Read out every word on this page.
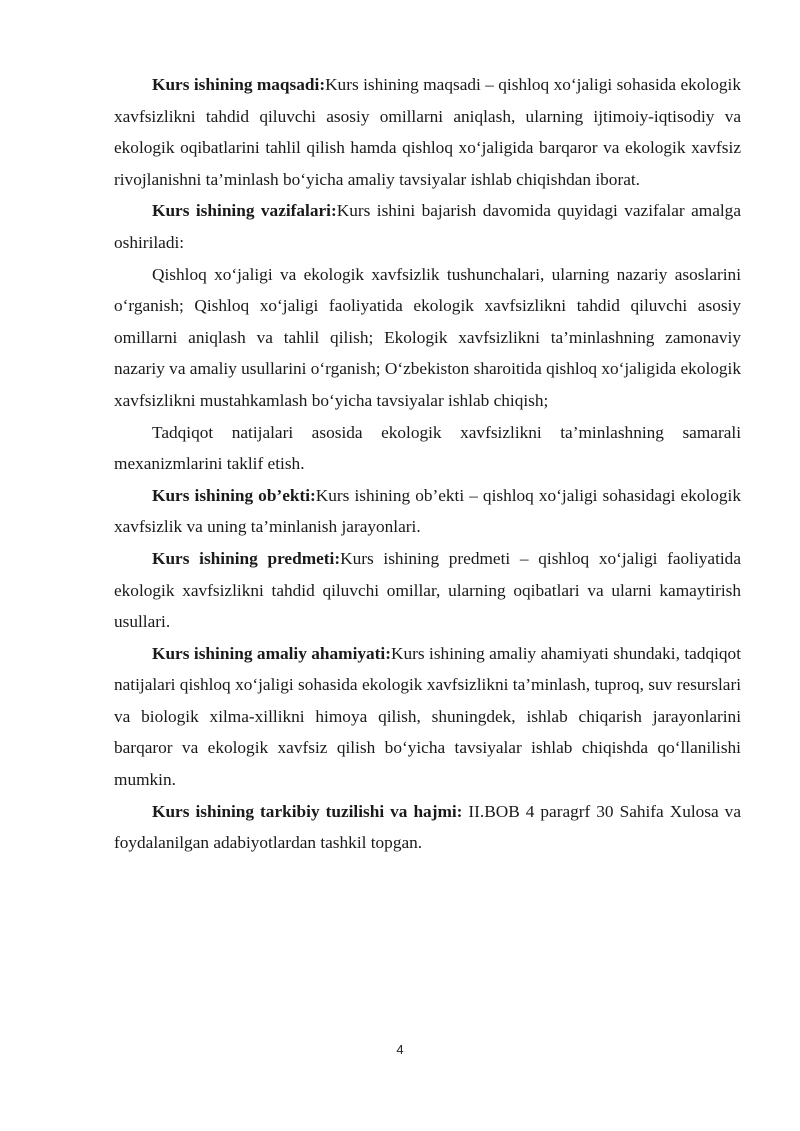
Kurs ishining maqsadi:Kurs ishining maqsadi – qishloq xo‘jaligi sohasida ekologik xavfsizlikni tahdid qiluvchi asosiy omillarni aniqlash, ularning ijtimoiy-iqtisodiy va ekologik oqibatlarini tahlil qilish hamda qishloq xo‘jaligida barqaror va ekologik xavfsiz rivojlanishni ta’minlash bo‘yicha amaliy tavsiyalar ishlab chiqishdan iborat.

Kurs ishining vazifalari:Kurs ishini bajarish davomida quyidagi vazifalar amalga oshiriladi:

Qishloq xo‘jaligi va ekologik xavfsizlik tushunchalari, ularning nazariy asoslarini o‘rganish; Qishloq xo‘jaligi faoliyatida ekologik xavfsizlikni tahdid qiluvchi asosiy omillarni aniqlash va tahlil qilish; Ekologik xavfsizlikni ta’minlashning zamonaviy nazariy va amaliy usullarini o‘rganish; O‘zbekiston sharoitida qishloq xo‘jaligida ekologik xavfsizlikni mustahkamlash bo‘yicha tavsiyalar ishlab chiqish;

Tadqiqot natijalari asosida ekologik xavfsizlikni ta’minlashning samarali mexanizmlarini taklif etish.

Kurs ishining ob’ekti:Kurs ishining ob’ekti – qishloq xo‘jaligi sohasidagi ekologik xavfsizlik va uning ta’minlanish jarayonlari.

Kurs ishining predmeti:Kurs ishining predmeti – qishloq xo‘jaligi faoliyatida ekologik xavfsizlikni tahdid qiluvchi omillar, ularning oqibatlari va ularni kamaytirish usullari.

Kurs ishining amaliy ahamiyati:Kurs ishining amaliy ahamiyati shundaki, tadqiqot natijalari qishloq xo‘jaligi sohasida ekologik xavfsizlikni ta’minlash, tuproq, suv resurslari va biologik xilma-xillikni himoya qilish, shuningdek, ishlab chiqarish jarayonlarini barqaror va ekologik xavfsiz qilish bo‘yicha tavsiyalar ishlab chiqishda qo‘llanilishi mumkin.

Kurs ishining tarkibiy tuzilishi va hajmi: II.BOB 4 paragrf 30 Sahifa Xulosa va foydalanilgan adabiyotlardan tashkil topgan.

4
